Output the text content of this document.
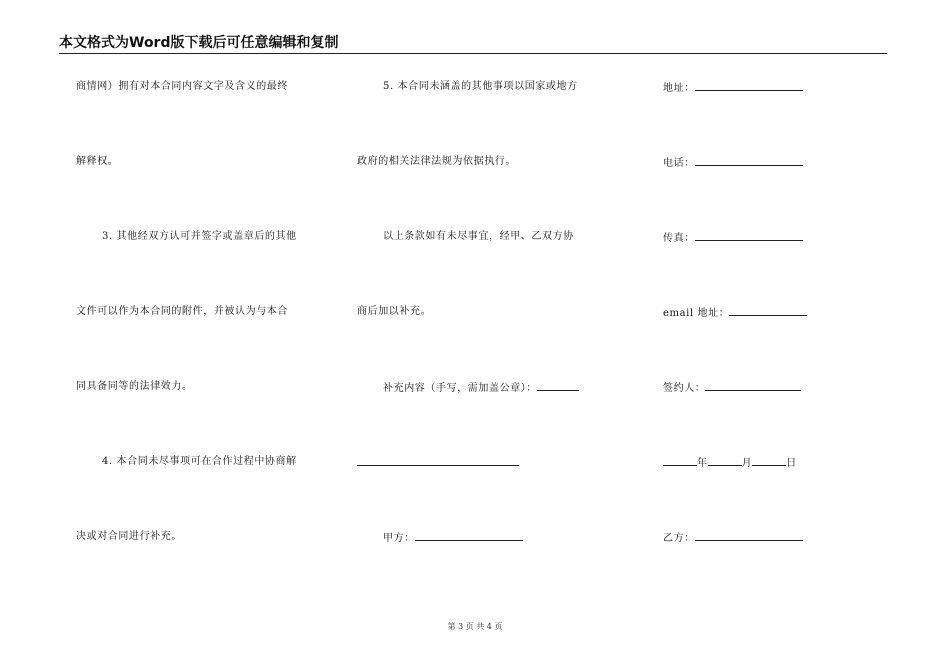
本文格式为Word版下载后可任意编辑和复制
商情网）拥有对本合同内容文字及含义的最终
解释权。
3. 其他经双方认可并签字或盖章后的其他
文件可以作为本合同的附件，并被认为与本合
同具备同等的法律效力。
4. 本合同未尽事项可在合作过程中协商解
决或对合同进行补充。
5. 本合同未涵盖的其他事项以国家或地方
政府的相关法律法规为依据执行。
以上条款如有未尽事宜，经甲、乙双方协
商后加以补充。
补充内容（手写，需加盖公章）：
甲方：
地址：
电话：
传真：
email 地址：
签约人：
年	月	日
乙方：
第 3 页 共 4 页
